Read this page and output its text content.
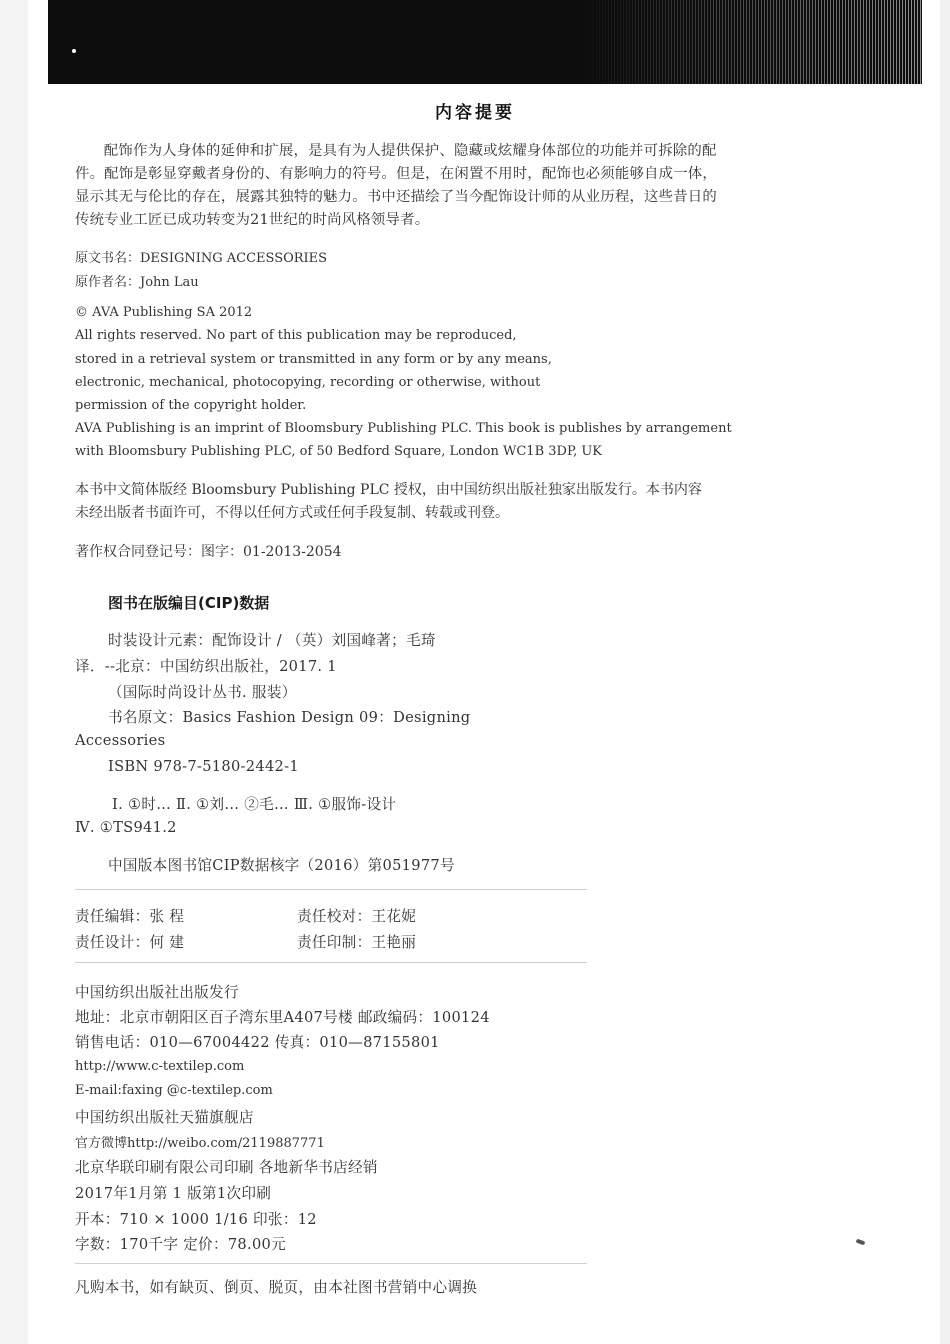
内容提要
配饰作为人身体的延伸和扩展，是具有为人提供保护、隐藏或炫耀身体部位的功能并可拆除的配件。配饰是彰显穿戴者身份的、有影响力的符号。但是，在闲置不用时，配饰也必须能够自成一体，显示其无与伦比的存在，展露其独特的魅力。书中还描绘了当今配饰设计师的从业历程，这些昔日的传统专业工匠已成功转变为21世纪的时尚风格领导者。
原文书名：DESIGNING ACCESSORIES
原作者名：John Lau
© AVA Publishing SA 2012
All rights reserved. No part of this publication may be reproduced,
stored in a retrieval system or transmitted in any form or by any means,
electronic, mechanical, photocopying, recording or otherwise, without
permission of the copyright holder.
AVA Publishing is an imprint of Bloomsbury Publishing PLC. This book is publishes by arrangement
with Bloomsbury Publishing PLC, of 50 Bedford Square, London WC1B 3DP, UK
本书中文简体版经 Bloomsbury Publishing PLC 授权，由中国纺织出版社独家出版发行。本书内容
未经出版者书面许可，不得以任何方式或任何手段复制、转载或刊登。
著作权合同登记号：图字：01-2013-2054
图书在版编目(CIP)数据
时装设计元素：配饰设计 / （英）刘国峰著；毛琦
译．--北京：中国纺织出版社，2017. 1
（国际时尚设计丛书. 服装）
书名原文：Basics Fashion Design 09：Designing
Accessories
ISBN 978-7-5180-2442-1
Ⅰ. ①时… Ⅱ. ①刘… ②毛… Ⅲ. ①服饰-设计
Ⅳ. ①TS941.2
中国版本图书馆CIP数据核字（2016）第051977号
责任编辑：张 程	责任校对：王花妮
责任设计：何 建	责任印制：王艳丽
中国纺织出版社出版发行
地址：北京市朝阳区百子湾东里A407号楼 邮政编码：100124
销售电话：010—67004422 传真：010—87155801
http://www.c-textilep.com
E-mail:faxing @c-textilep.com
中国纺织出版社天猫旗舰店
官方微博http://weibo.com/2119887771
北京华联印刷有限公司印刷 各地新华书店经销
2017年1月第 1 版第1次印刷
开本：710 × 1000 1/16 印张：12
字数：170千字 定价：78.00元
凡购本书，如有缺页、倒页、脱页，由本社图书营销中心调换
